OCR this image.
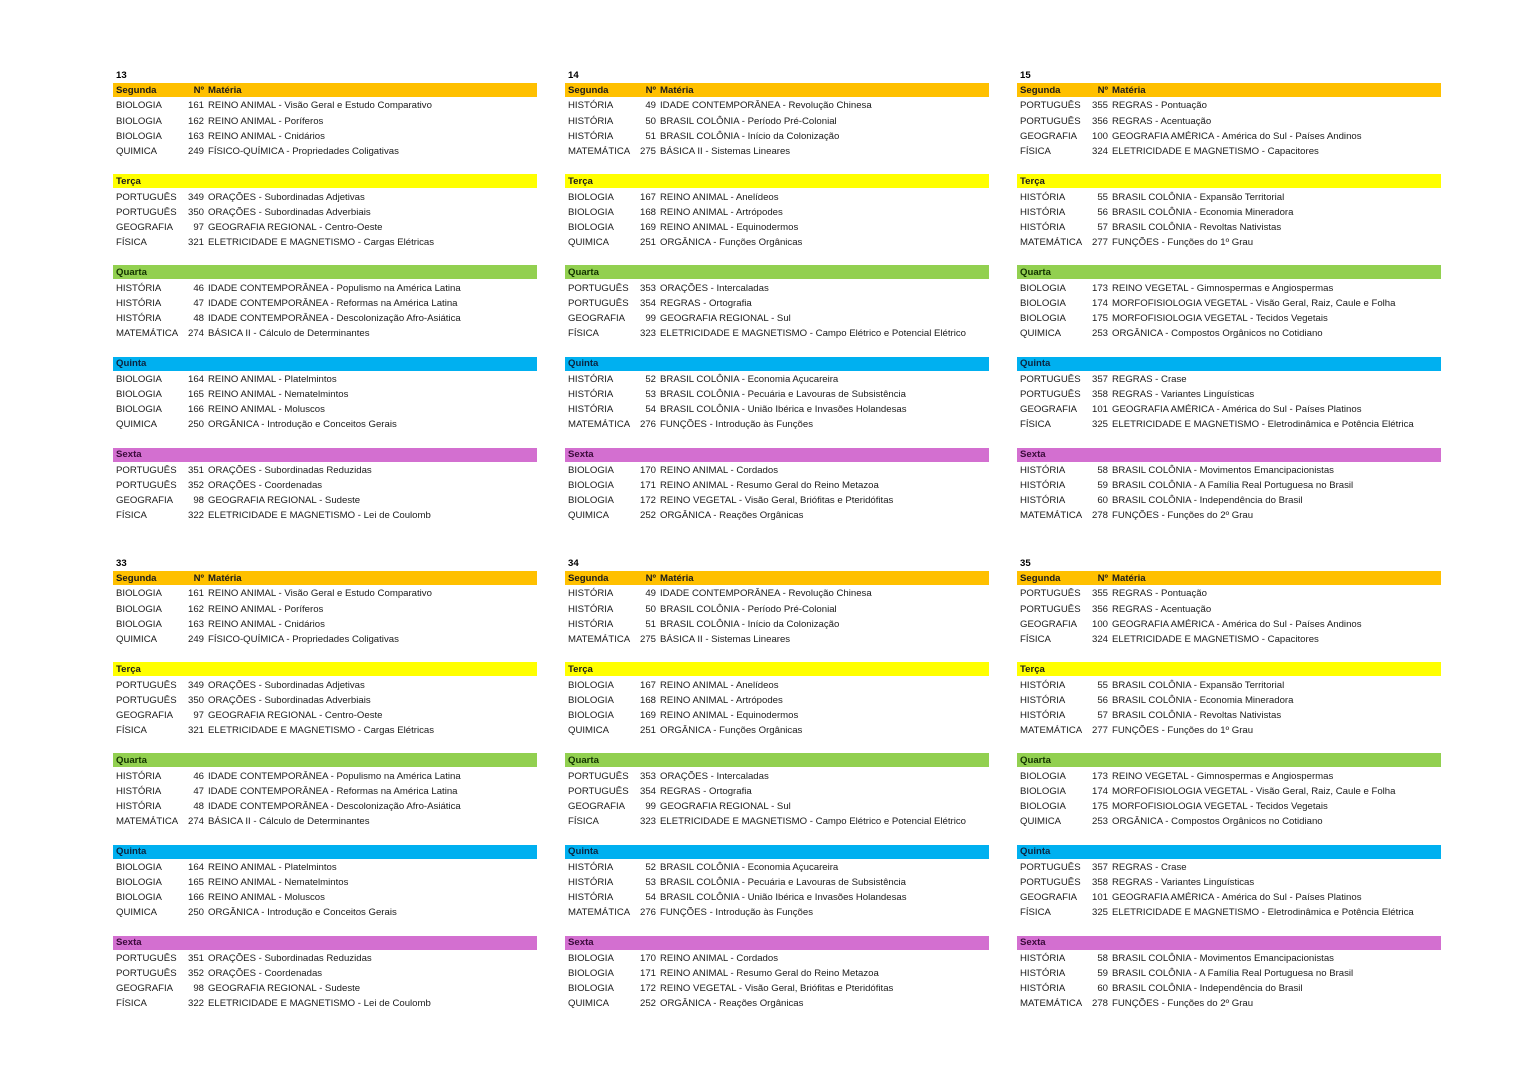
13
Segunda	Nº Matéria
BIOLOGIA	161 REINO ANIMAL - Visão Geral e Estudo Comparativo
BIOLOGIA	162 REINO ANIMAL - Poríferos
BIOLOGIA	163 REINO ANIMAL - Cnidários
QUIMICA	249 FÍSICO-QUÍMICA - Propriedades Coligativas
Terça
PORTUGUÊS	349 ORAÇÕES - Subordinadas Adjetivas
PORTUGUÊS	350 ORAÇÕES - Subordinadas Adverbiais
GEOGRAFIA	97 GEOGRAFIA REGIONAL - Centro-Oeste
FÍSICA	321 ELETRICIDADE E MAGNETISMO - Cargas Elétricas
Quarta
HISTÓRIA	46 IDADE CONTEMPORÂNEA - Populismo na América Latina
HISTÓRIA	47 IDADE CONTEMPORÂNEA - Reformas na América Latina
HISTÓRIA	48 IDADE CONTEMPORÂNEA - Descolonização Afro-Asiática
MATEMÁTICA	274 BÁSICA II - Cálculo de Determinantes
Quinta
BIOLOGIA	164 REINO ANIMAL - Platelmintos
BIOLOGIA	165 REINO ANIMAL - Nematelmintos
BIOLOGIA	166 REINO ANIMAL - Moluscos
QUIMICA	250 ORGÂNICA - Introdução e Conceitos Gerais
Sexta
PORTUGUÊS	351 ORAÇÕES - Subordinadas Reduzidas
PORTUGUÊS	352 ORAÇÕES - Coordenadas
GEOGRAFIA	98 GEOGRAFIA REGIONAL - Sudeste
FÍSICA	322 ELETRICIDADE E MAGNETISMO - Lei de Coulomb
14
Segunda	Nº Matéria
HISTÓRIA	49 IDADE CONTEMPORÂNEA - Revolução Chinesa
HISTÓRIA	50 BRASIL COLÔNIA - Período Pré-Colonial
HISTÓRIA	51 BRASIL COLÔNIA - Início da Colonização
MATEMÁTICA	275 BÁSICA II - Sistemas Lineares
Terça
BIOLOGIA	167 REINO ANIMAL - Anelídeos
BIOLOGIA	168 REINO ANIMAL - Artrópodes
BIOLOGIA	169 REINO ANIMAL - Equinodermos
QUIMICA	251 ORGÂNICA - Funções Orgânicas
Quarta
PORTUGUÊS	353 ORAÇÕES - Intercaladas
PORTUGUÊS	354 REGRAS - Ortografia
GEOGRAFIA	99 GEOGRAFIA REGIONAL - Sul
FÍSICA	323 ELETRICIDADE E MAGNETISMO - Campo Elétrico e Potencial Elétrico
Quinta
HISTÓRIA	52 BRASIL COLÔNIA - Economia Açucareira
HISTÓRIA	53 BRASIL COLÔNIA - Pecuária e Lavouras de Subsistência
HISTÓRIA	54 BRASIL COLÔNIA - União Ibérica e Invasões Holandesas
MATEMÁTICA	276 FUNÇÕES - Introdução às Funções
Sexta
BIOLOGIA	170 REINO ANIMAL - Cordados
BIOLOGIA	171 REINO ANIMAL - Resumo Geral do Reino Metazoa
BIOLOGIA	172 REINO VEGETAL - Visão Geral, Briófitas e Pteridófitas
QUIMICA	252 ORGÂNICA - Reações Orgânicas
15
Segunda	Nº Matéria
PORTUGUÊS	355 REGRAS - Pontuação
PORTUGUÊS	356 REGRAS - Acentuação
GEOGRAFIA	100 GEOGRAFIA AMÉRICA - América do Sul - Países Andinos
FÍSICA	324 ELETRICIDADE E MAGNETISMO - Capacitores
Terça
HISTÓRIA	55 BRASIL COLÔNIA - Expansão Territorial
HISTÓRIA	56 BRASIL COLÔNIA - Economia Mineradora
HISTÓRIA	57 BRASIL COLÔNIA - Revoltas Nativistas
MATEMÁTICA	277 FUNÇÕES - Funções do 1º Grau
Quarta
BIOLOGIA	173 REINO VEGETAL - Gimnospermas e Angiospermas
BIOLOGIA	174 MORFOFISIOLOGIA VEGETAL - Visão Geral, Raiz, Caule e Folha
BIOLOGIA	175 MORFOFISIOLOGIA VEGETAL - Tecidos Vegetais
QUIMICA	253 ORGÂNICA - Compostos Orgânicos no Cotidiano
Quinta
PORTUGUÊS	357 REGRAS - Crase
PORTUGUÊS	358 REGRAS - Variantes Linguísticas
GEOGRAFIA	101 GEOGRAFIA AMÉRICA - América do Sul - Países Platinos
FÍSICA	325 ELETRICIDADE E MAGNETISMO - Eletrodinâmica e Potência Elétrica
Sexta
HISTÓRIA	58 BRASIL COLÔNIA - Movimentos Emancipacionistas
HISTÓRIA	59 BRASIL COLÔNIA - A Família Real Portuguesa no Brasil
HISTÓRIA	60 BRASIL COLÔNIA - Independência do Brasil
MATEMÁTICA	278 FUNÇÕES - Funções do 2º Grau
33
Segunda	Nº Matéria
BIOLOGIA	161 REINO ANIMAL - Visão Geral e Estudo Comparativo
BIOLOGIA	162 REINO ANIMAL - Poríferos
BIOLOGIA	163 REINO ANIMAL - Cnidários
QUIMICA	249 FÍSICO-QUÍMICA - Propriedades Coligativas
Terça
PORTUGUÊS	349 ORAÇÕES - Subordinadas Adjetivas
PORTUGUÊS	350 ORAÇÕES - Subordinadas Adverbiais
GEOGRAFIA	97 GEOGRAFIA REGIONAL - Centro-Oeste
FÍSICA	321 ELETRICIDADE E MAGNETISMO - Cargas Elétricas
Quarta
HISTÓRIA	46 IDADE CONTEMPORÂNEA - Populismo na América Latina
HISTÓRIA	47 IDADE CONTEMPORÂNEA - Reformas na América Latina
HISTÓRIA	48 IDADE CONTEMPORÂNEA - Descolonização Afro-Asiática
MATEMÁTICA	274 BÁSICA II - Cálculo de Determinantes
Quinta
BIOLOGIA	164 REINO ANIMAL - Platelmintos
BIOLOGIA	165 REINO ANIMAL - Nematelmintos
BIOLOGIA	166 REINO ANIMAL - Moluscos
QUIMICA	250 ORGÂNICA - Introdução e Conceitos Gerais
Sexta
PORTUGUÊS	351 ORAÇÕES - Subordinadas Reduzidas
PORTUGUÊS	352 ORAÇÕES - Coordenadas
GEOGRAFIA	98 GEOGRAFIA REGIONAL - Sudeste
FÍSICA	322 ELETRICIDADE E MAGNETISMO - Lei de Coulomb
34
Segunda	Nº Matéria
HISTÓRIA	49 IDADE CONTEMPORÂNEA - Revolução Chinesa
HISTÓRIA	50 BRASIL COLÔNIA - Período Pré-Colonial
HISTÓRIA	51 BRASIL COLÔNIA - Início da Colonização
MATEMÁTICA	275 BÁSICA II - Sistemas Lineares
Terça
BIOLOGIA	167 REINO ANIMAL - Anelídeos
BIOLOGIA	168 REINO ANIMAL - Artrópodes
BIOLOGIA	169 REINO ANIMAL - Equinodermos
QUIMICA	251 ORGÂNICA - Funções Orgânicas
Quarta
PORTUGUÊS	353 ORAÇÕES - Intercaladas
PORTUGUÊS	354 REGRAS - Ortografia
GEOGRAFIA	99 GEOGRAFIA REGIONAL - Sul
FÍSICA	323 ELETRICIDADE E MAGNETISMO - Campo Elétrico e Potencial Elétrico
Quinta
HISTÓRIA	52 BRASIL COLÔNIA - Economia Açucareira
HISTÓRIA	53 BRASIL COLÔNIA - Pecuária e Lavouras de Subsistência
HISTÓRIA	54 BRASIL COLÔNIA - União Ibérica e Invasões Holandesas
MATEMÁTICA	276 FUNÇÕES - Introdução às Funções
Sexta
BIOLOGIA	170 REINO ANIMAL - Cordados
BIOLOGIA	171 REINO ANIMAL - Resumo Geral do Reino Metazoa
BIOLOGIA	172 REINO VEGETAL - Visão Geral, Briófitas e Pteridófitas
QUIMICA	252 ORGÂNICA - Reações Orgânicas
35
Segunda	Nº Matéria
PORTUGUÊS	355 REGRAS - Pontuação
PORTUGUÊS	356 REGRAS - Acentuação
GEOGRAFIA	100 GEOGRAFIA AMÉRICA - América do Sul - Países Andinos
FÍSICA	324 ELETRICIDADE E MAGNETISMO - Capacitores
Terça
HISTÓRIA	55 BRASIL COLÔNIA - Expansão Territorial
HISTÓRIA	56 BRASIL COLÔNIA - Economia Mineradora
HISTÓRIA	57 BRASIL COLÔNIA - Revoltas Nativistas
MATEMÁTICA	277 FUNÇÕES - Funções do 1º Grau
Quarta
BIOLOGIA	173 REINO VEGETAL - Gimnospermas e Angiospermas
BIOLOGIA	174 MORFOFISIOLOGIA VEGETAL - Visão Geral, Raiz, Caule e Folha
BIOLOGIA	175 MORFOFISIOLOGIA VEGETAL - Tecidos Vegetais
QUIMICA	253 ORGÂNICA - Compostos Orgânicos no Cotidiano
Quinta
PORTUGUÊS	357 REGRAS - Crase
PORTUGUÊS	358 REGRAS - Variantes Linguísticas
GEOGRAFIA	101 GEOGRAFIA AMÉRICA - América do Sul - Países Platinos
FÍSICA	325 ELETRICIDADE E MAGNETISMO - Eletrodinâmica e Potência Elétrica
Sexta
HISTÓRIA	58 BRASIL COLÔNIA - Movimentos Emancipacionistas
HISTÓRIA	59 BRASIL COLÔNIA - A Família Real Portuguesa no Brasil
HISTÓRIA	60 BRASIL COLÔNIA - Independência do Brasil
MATEMÁTICA	278 FUNÇÕES - Funções do 2º Grau
